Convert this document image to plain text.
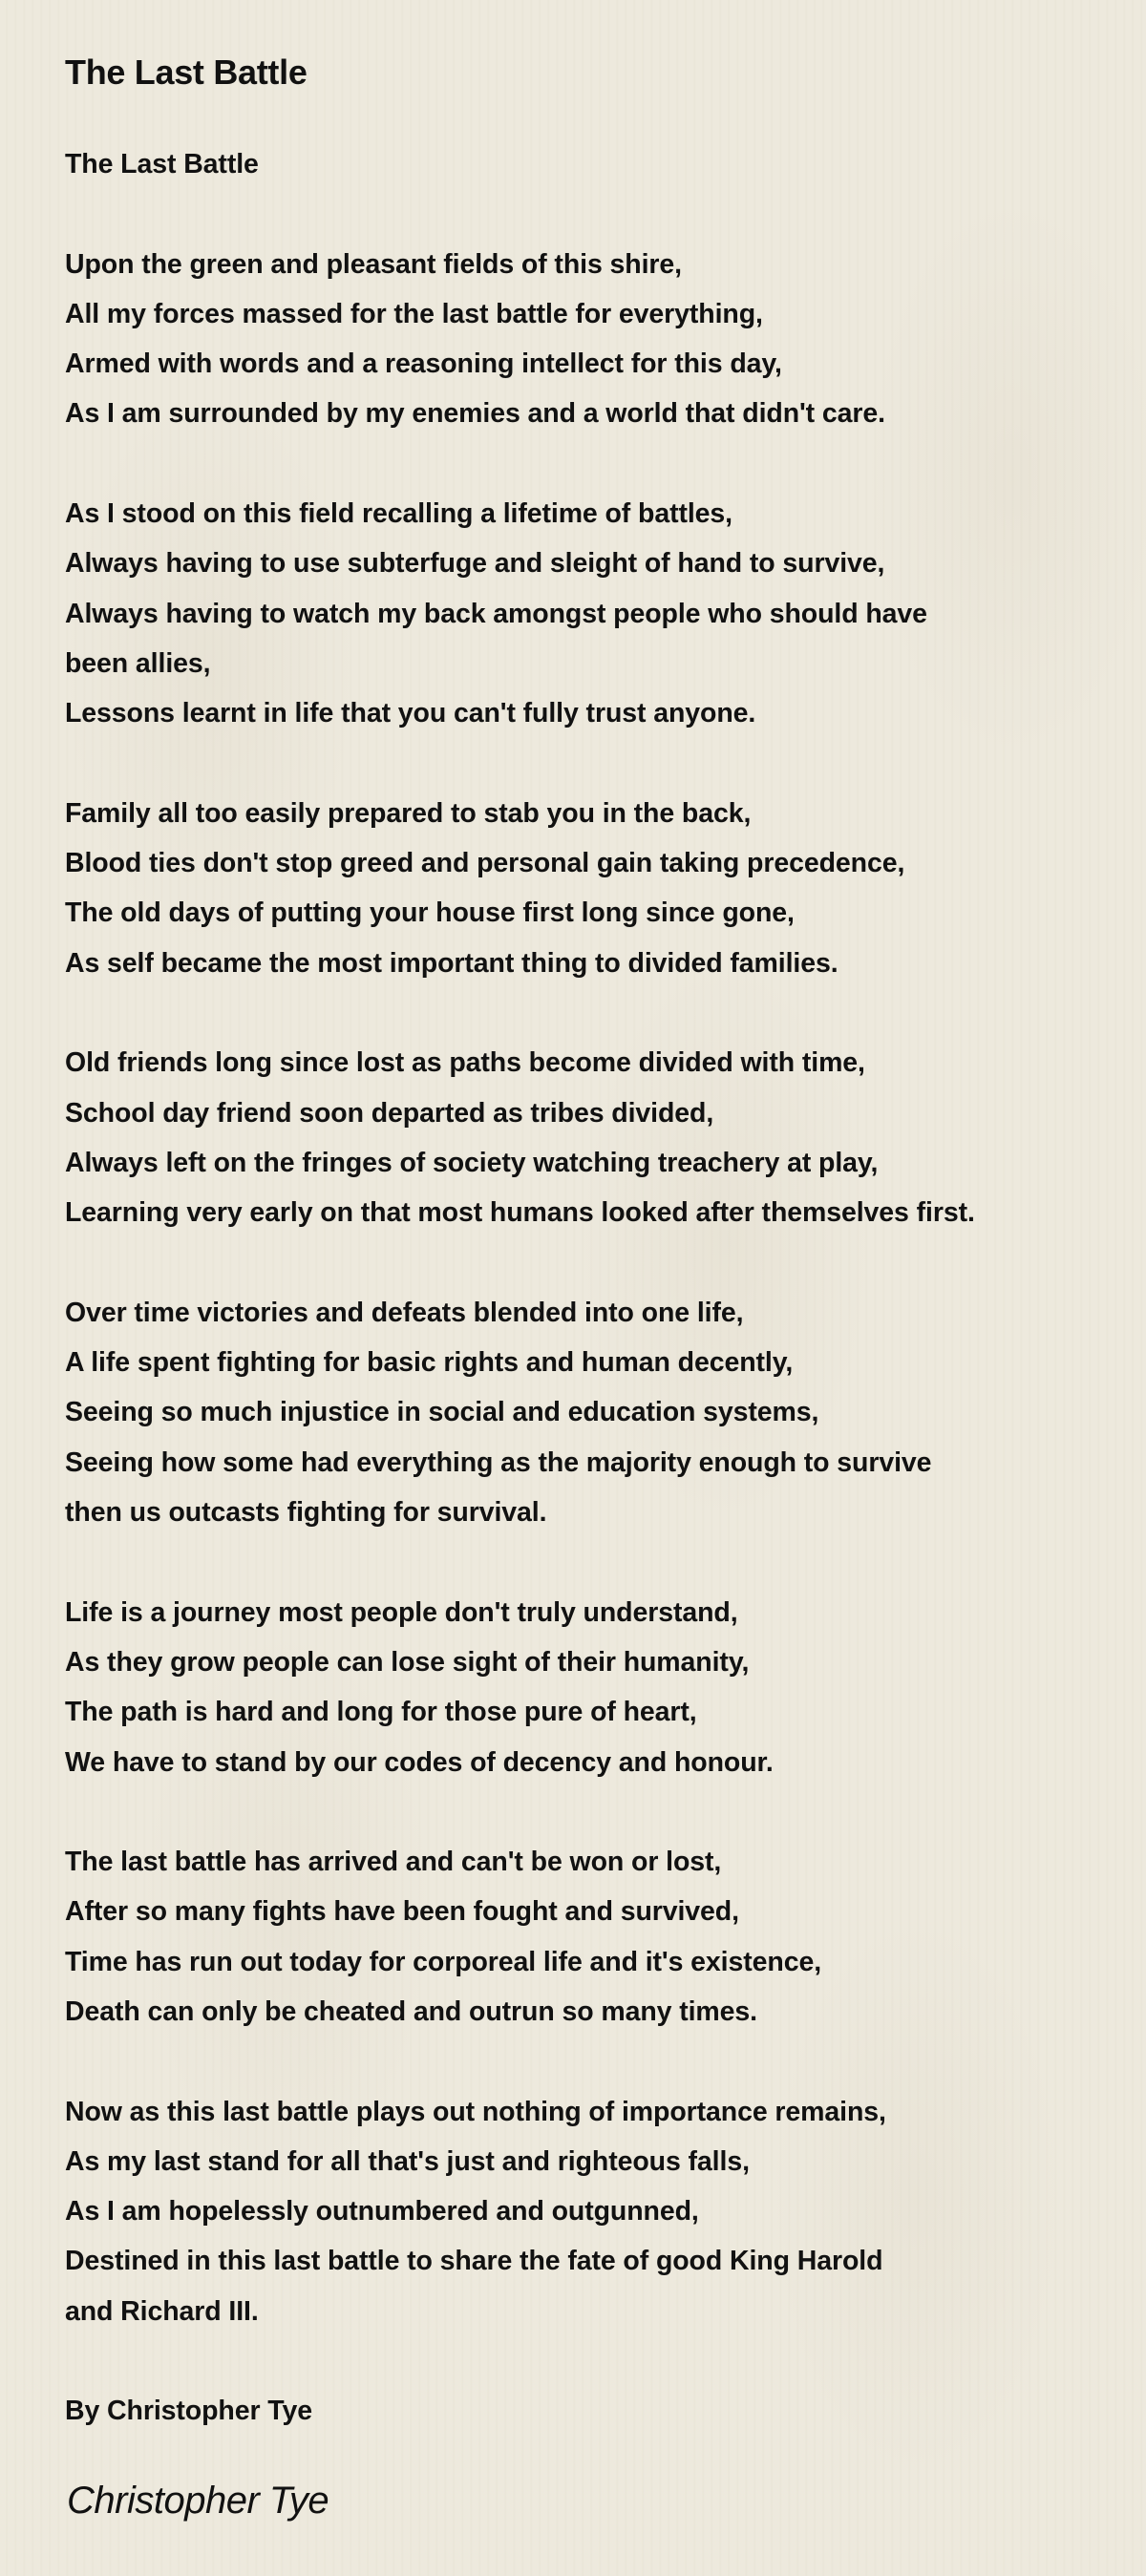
The Last Battle
The Last Battle
Upon the green and pleasant fields of this shire,
All my forces massed for the last battle for everything,
Armed with words and a reasoning intellect for this day,
As I am surrounded by my enemies and a world that didn't care.
As I stood on this field recalling a lifetime of battles,
Always having to use subterfuge and sleight of hand to survive,
Always having to watch my back amongst people who should have
been allies,
Lessons learnt in life that you can't fully trust anyone.
Family all too easily prepared to stab you in the back,
Blood ties don't stop greed and personal gain taking precedence,
The old days of putting your house first long since gone,
As self became the most important thing to divided families.
Old friends long since lost as paths become divided with time,
School day friend soon departed as tribes divided,
Always left on the fringes of society watching treachery at play,
Learning very early on that most humans looked after themselves first.
Over time victories and defeats blended into one life,
A life spent fighting for basic rights and human decently,
Seeing so much injustice in social and education systems,
Seeing how some had everything as the majority enough to survive
then us outcasts fighting for survival.
Life is a journey most people don't truly understand,
As they grow people can lose sight of their humanity,
The path is hard and long for those pure of heart,
We have to stand by our codes of decency and honour.
The last battle has arrived and can't be won or lost,
After so many fights have been fought and survived,
Time has run out today for corporeal life and it's existence,
Death can only be cheated and outrun so many times.
Now as this last battle plays out nothing of importance remains,
As my last stand for all that's just and righteous falls,
As I am hopelessly outnumbered and outgunned,
Destined in this last battle to share the fate of good King Harold
and Richard III.
By Christopher Tye
Christopher Tye
